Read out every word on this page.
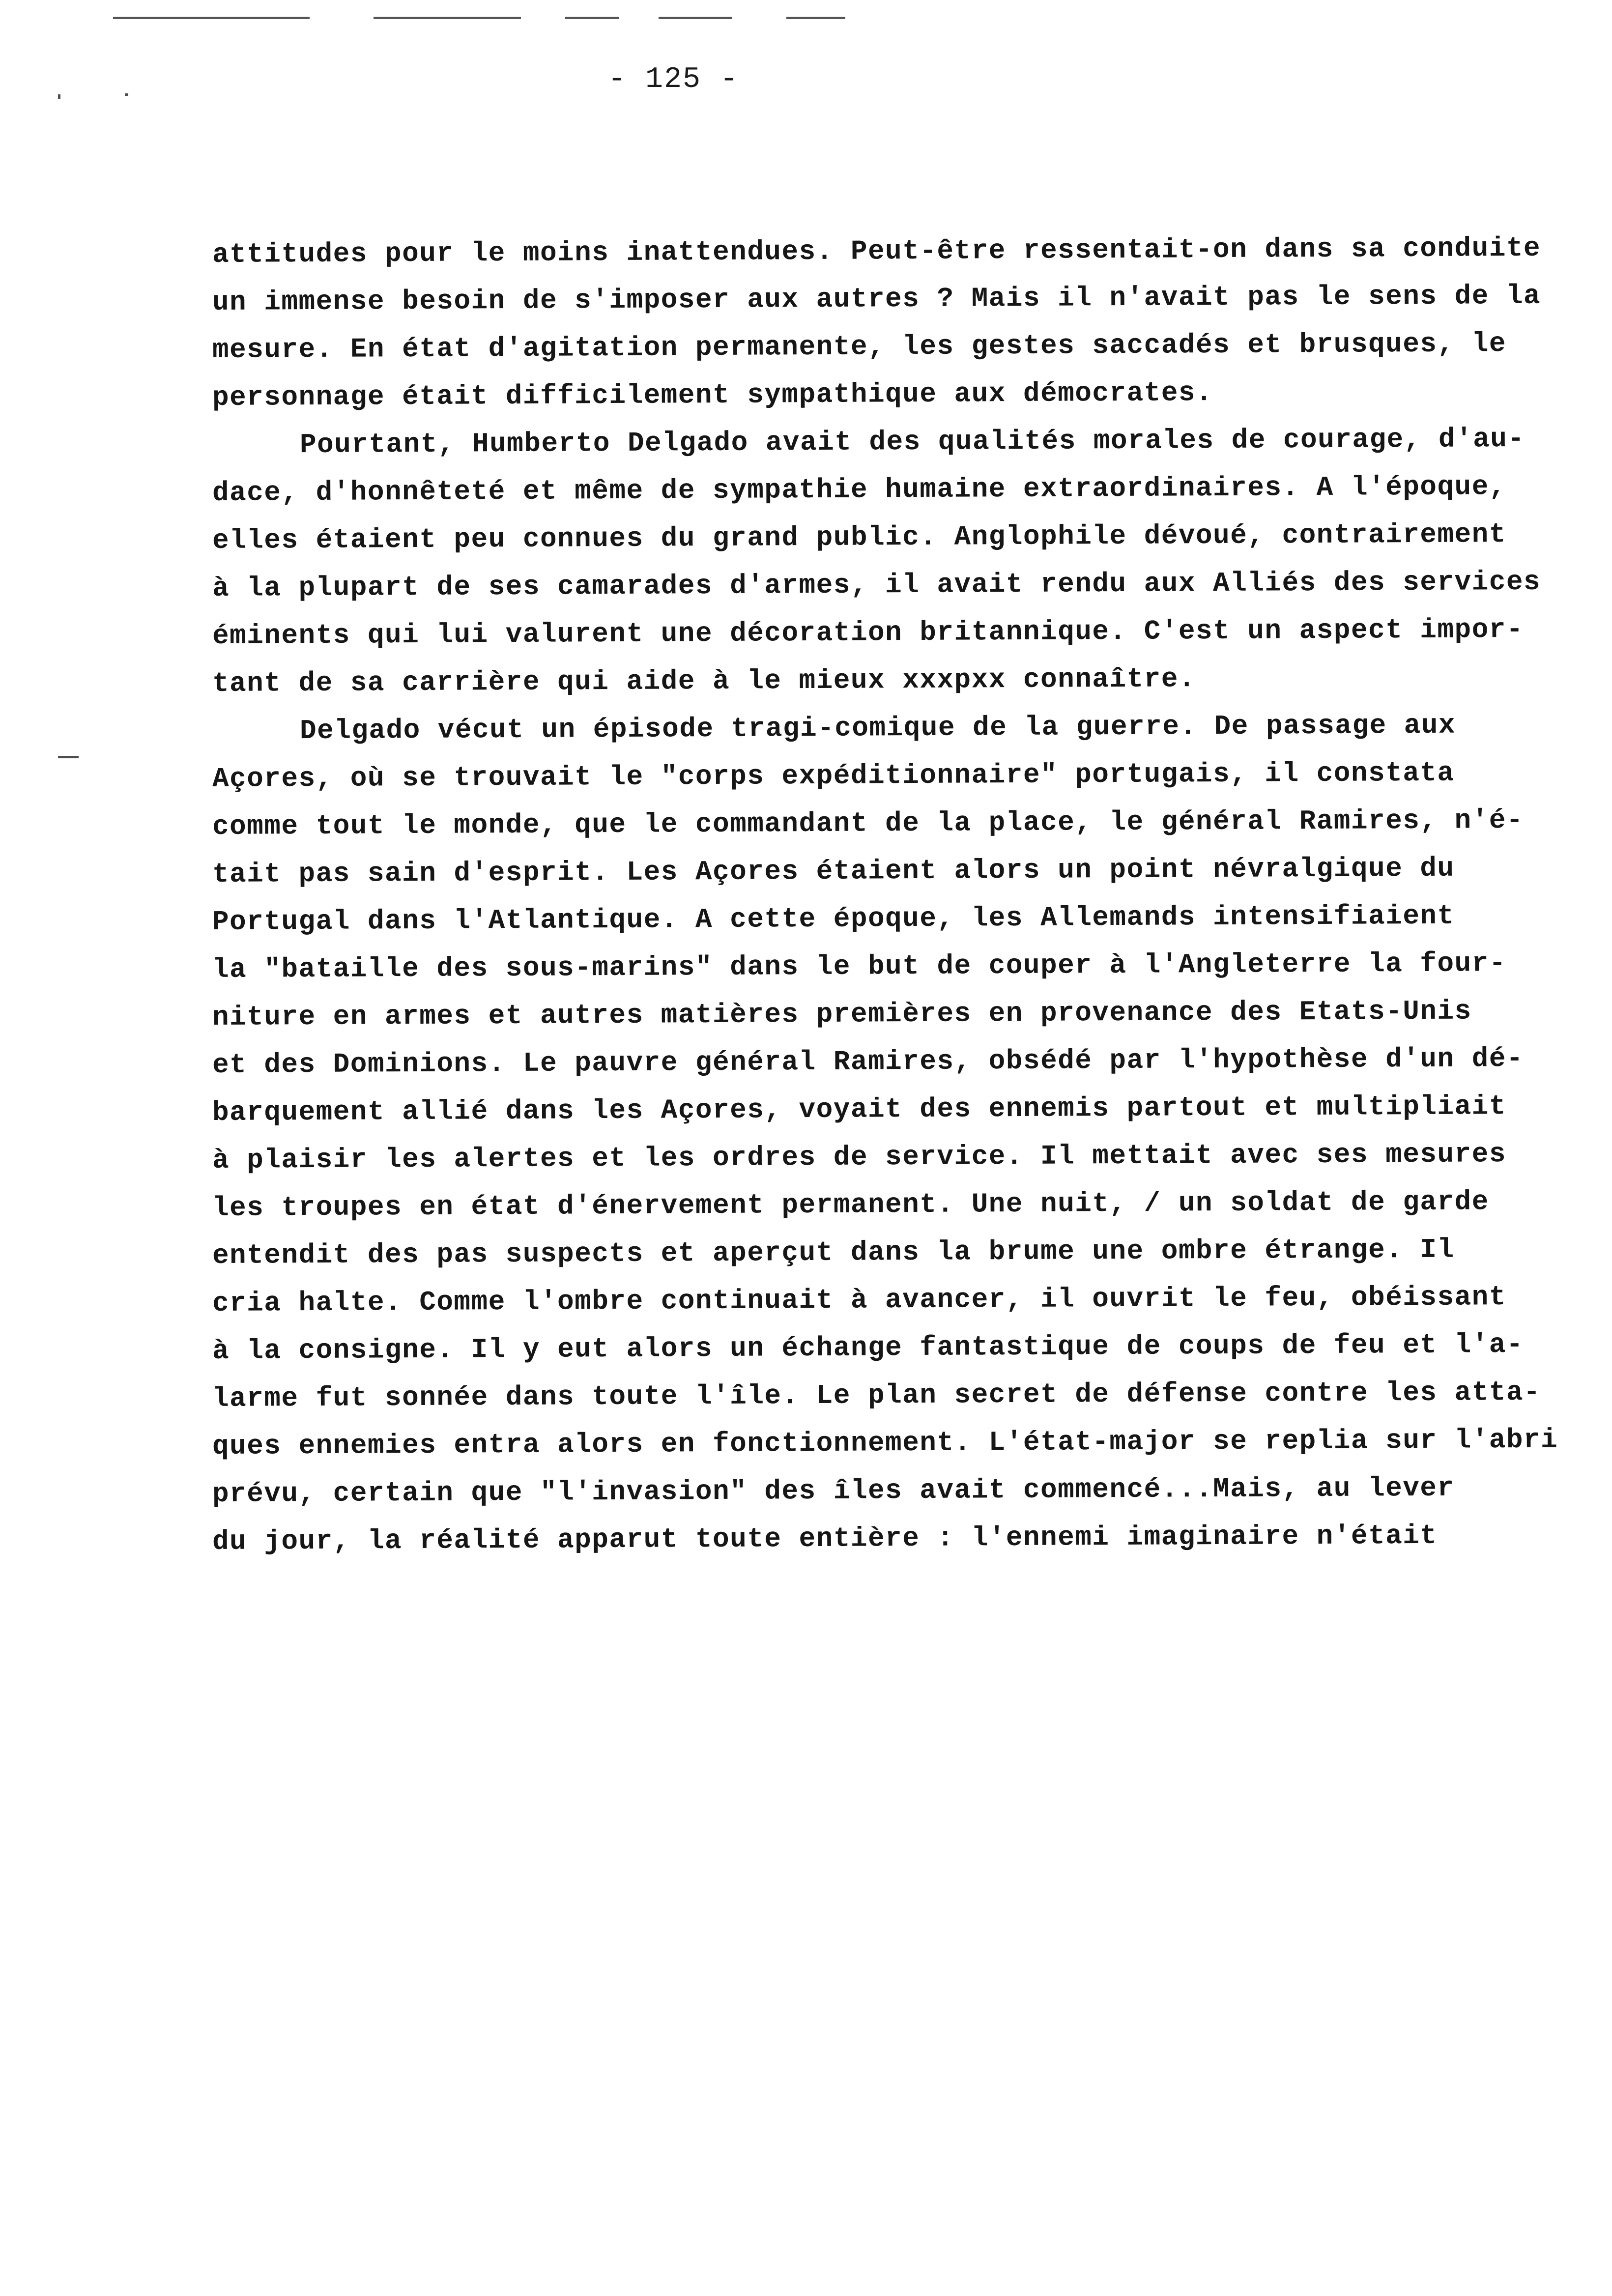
- 125 -
attitudes pour le moins inattendues. Peut-être ressentait-on dans sa conduite
un immense besoin de s'imposer aux autres ? Mais il n'avait pas le sens de la
mesure. En état d'agitation permanente, les gestes saccadés et brusques, le
personnage était difficilement sympathique aux démocrates.
Pourtant, Humberto Delgado avait des qualités morales de courage, d'au-
dace, d'honnêteté et même de sympathie humaine extraordinaires. A l'époque,
elles étaient peu connues du grand public. Anglophile dévoué, contrairement
à la plupart de ses camarades d'armes, il avait rendu aux Alliés des services
éminents qui lui valurent une décoration britannique. C'est un aspect impor-
tant de sa carrière qui aide à le mieux xxxpxx connaître.
Delgado vécut un épisode tragi-comique de la guerre. De passage aux
Açores, où se trouvait le "corps expéditionnaire" portugais, il constata
comme tout le monde, que le commandant de la place, le général Ramires, n'é-
tait pas sain d'esprit. Les Açores étaient alors un point névralgique du
Portugal dans l'Atlantique. A cette époque, les Allemands intensifiaient
la "bataille des sous-marins" dans le but de couper à l'Angleterre la four-
niture en armes et autres matières premières en provenance des Etats-Unis
et des Dominions. Le pauvre général Ramires, obsédé par l'hypothèse d'un dé-
barquement allié dans les Açores, voyait des ennemis partout et multipliait
à plaisir les alertes et les ordres de service. Il mettait avec ses mesures
les troupes en état d'énervement permanent. Une nuit, / un soldat de garde
entendit des pas suspects et aperçut dans la brume une ombre étrange. Il
cria halte. Comme l'ombre continuait à avancer, il ouvrit le feu, obéissant
à la consigne. Il y eut alors un échange fantastique de coups de feu et l'a-
larme fut sonnée dans toute l'île. Le plan secret de défense contre les atta-
ques ennemies entra alors en fonctionnement. L'état-major se replia sur l'abri
prévu, certain que "l'invasion" des îles avait commencé...Mais, au lever
du jour, la réalité apparut toute entière : l'ennemi imaginaire n'était
